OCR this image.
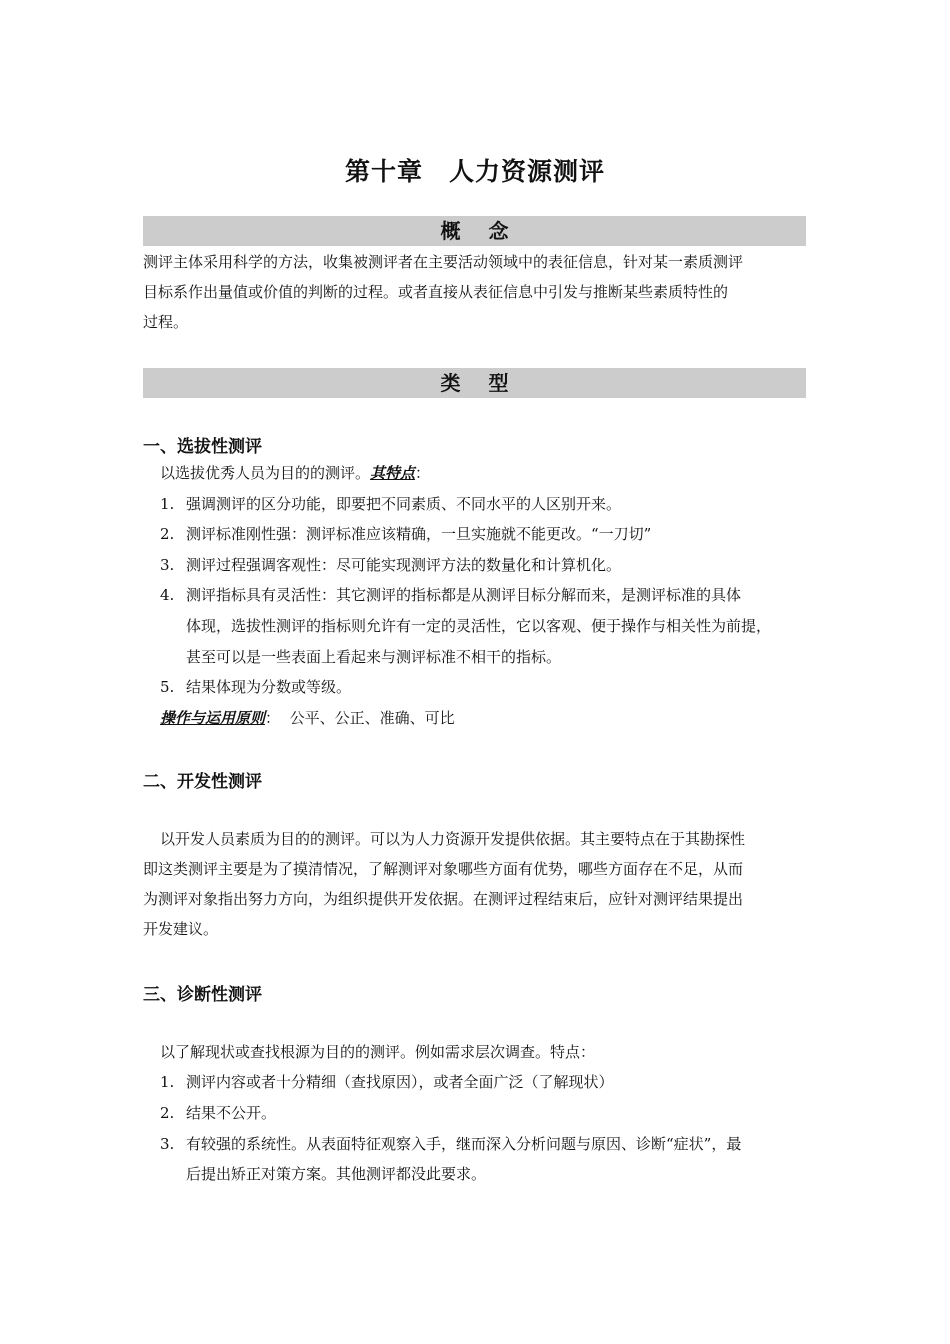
第十章　人力资源测评
概念
测评主体采用科学的方法，收集被测评者在主要活动领域中的表征信息，针对某一素质测评
目标系作出量值或价值的判断的过程。或者直接从表征信息中引发与推断某些素质特性的
过程。
类型
一、选拔性测评
以选拔优秀人员为目的的测评。其特点：
1. 强调测评的区分功能，即要把不同素质、不同水平的人区别开来。
2. 测评标准刚性强：测评标准应该精确，一旦实施就不能更改。“一刀切”
3. 测评过程强调客观性：尽可能实现测评方法的数量化和计算机化。
4. 测评指标具有灵活性：其它测评的指标都是从测评目标分解而来，是测评标准的具体
体现，选拔性测评的指标则允许有一定的灵活性，它以客观、便于操作与相关性为前提，
甚至可以是一些表面上看起来与测评标准不相干的指标。
5. 结果体现为分数或等级。
操作与运用原则： 公平、公正、准确、可比
二、开发性测评
以开发人员素质为目的的测评。可以为人力资源开发提供依据。其主要特点在于其勘探性
即这类测评主要是为了摸清情况，了解测评对象哪些方面有优势，哪些方面存在不足，从而
为测评对象指出努力方向，为组织提供开发依据。在测评过程结束后，应针对测评结果提出
开发建议。
三、诊断性测评
以了解现状或查找根源为目的的测评。例如需求层次调查。特点：
1. 测评内容或者十分精细（查找原因），或者全面广泛（了解现状）
2. 结果不公开。
3. 有较强的系统性。从表面特征观察入手，继而深入分析问题与原因、诊断“症状”，最
后提出矫正对策方案。其他测评都没此要求。
